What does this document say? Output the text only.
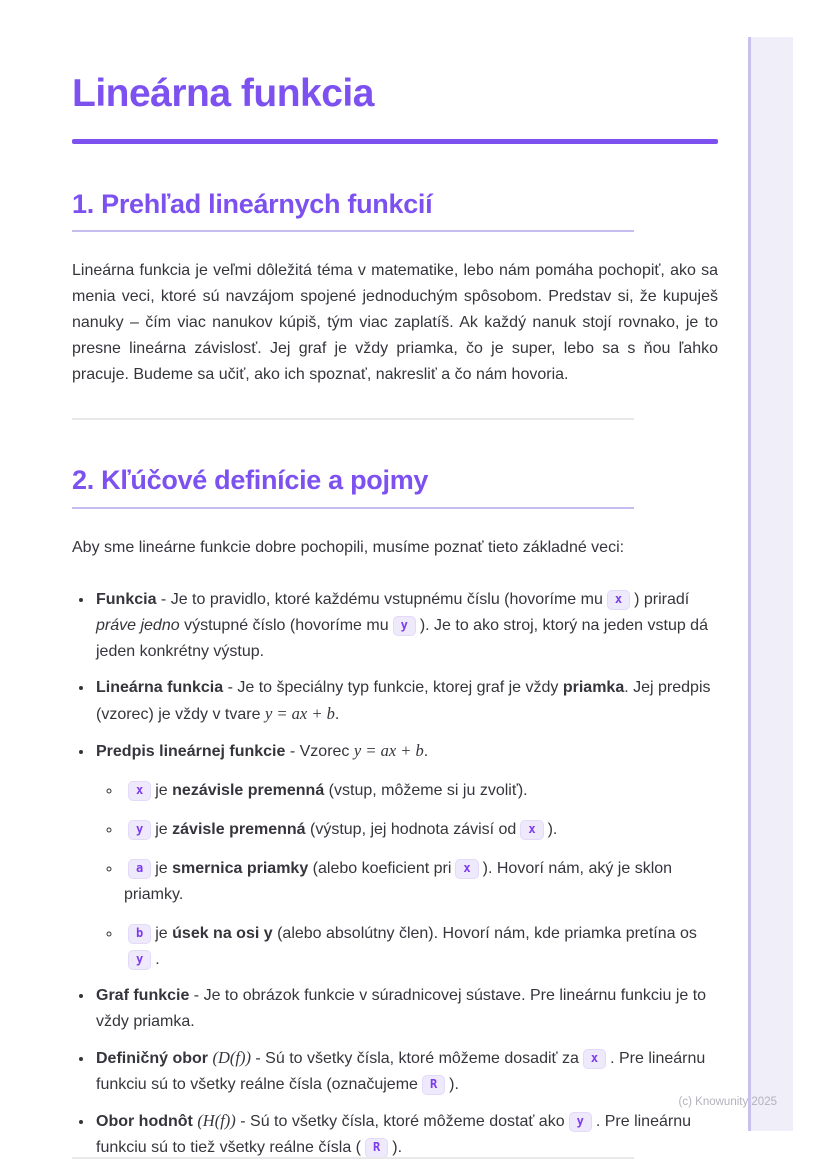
Lineárna funkcia
1. Prehľad lineárnych funkcií

Lineárna funkcia je veľmi dôležitá téma v matematike, lebo nám pomáha pochopiť, ako sa menia veci, ktoré sú navzájom spojené jednoduchým spôsobom. Predstav si, že kupuješ nanuky – čím viac nanukov kúpiš, tým viac zaplatíš. Ak každý nanuk stojí rovnako, je to presne lineárna závislosť. Jej graf je vždy priamka, čo je super, lebo sa s ňou ľahko pracuje. Budeme sa učiť, ako ich spoznať, nakresliť a čo nám hovoria.

2. Kľúčové definície a pojmy

Aby sme lineárne funkcie dobre pochopili, musíme poznať tieto základné veci:

• Funkcia - Je to pravidlo, ktoré každému vstupnému číslu (hovoríme mu x ) priradí práve jedno výstupné číslo (hovoríme mu y ). Je to ako stroj, ktorý na jeden vstup dá jeden konkrétny výstup.
• Lineárna funkcia - Je to špeciálny typ funkcie, ktorej graf je vždy priamka. Jej predpis (vzorec) je vždy v tvare y = ax + b.
• Predpis lineárnej funkcie - Vzorec y = ax + b.
◦ x je nezávisle premenná (vstup, môžeme si ju zvoliť).
◦ y je závisle premenná (výstup, jej hodnota závisí od x ).
◦ a je smernica priamky (alebo koeficient pri x ). Hovorí nám, aký je sklon priamky.
◦ b je úsek na osi y (alebo absolútny člen). Hovorí nám, kde priamka pretína osy .
• Graf funkcie - Je to obrázok funkcie v súradnicovej sústave. Pre lineárnu funkciu je to vždy priamka.
• Definičný obor (D(f)) - Sú to všetky čísla, ktoré môžeme dosadiť za x . Pre lineárnu funkciu sú to všetky reálne čísla (označujeme R ).
• Obor hodnôt (H(f)) - Sú to všetky čísla, ktoré môžeme dostať ako y . Pre lineárnu funkciu sú to tiež všetky reálne čísla ( R ).
(c) Knowunity 2025
